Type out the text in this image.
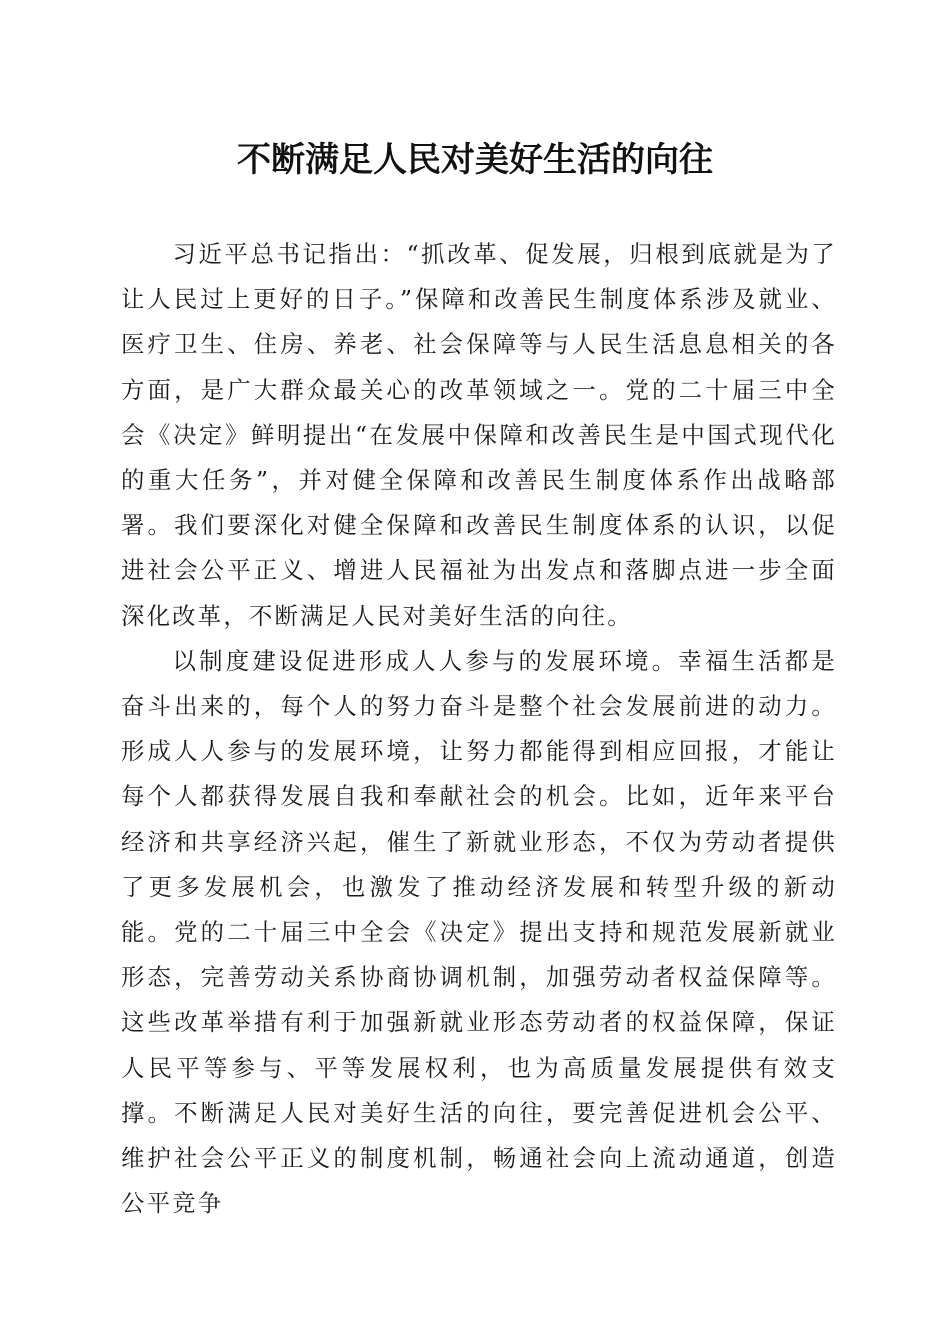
不断满足人民对美好生活的向往

习近平总书记指出：“抓改革、促发展，归根到底就是为了让人民过上更好的日子。”保障和改善民生制度体系涉及就业、医疗卫生、住房、养老、社会保障等与人民生活息息相关的各方面，是广大群众最关心的改革领域之一。党的二十届三中全会《决定》鲜明提出“在发展中保障和改善民生是中国式现代化的重大任务”，并对健全保障和改善民生制度体系作出战略部署。我们要深化对健全保障和改善民生制度体系的认识，以促进社会公平正义、增进人民福祉为出发点和落脚点进一步全面深化改革，不断满足人民对美好生活的向往。

以制度建设促进形成人人参与的发展环境。幸福生活都是奋斗出来的，每个人的努力奋斗是整个社会发展前进的动力。形成人人参与的发展环境，让努力都能得到相应回报，才能让每个人都获得发展自我和奉献社会的机会。比如，近年来平台经济和共享经济兴起，催生了新就业形态，不仅为劳动者提供了更多发展机会，也激发了推动经济发展和转型升级的新动能。党的二十届三中全会《决定》提出支持和规范发展新就业形态，完善劳动关系协商协调机制，加强劳动者权益保障等。这些改革举措有利于加强新就业形态劳动者的权益保障，保证人民平等参与、平等发展权利，也为高质量发展提供有效支撑。不断满足人民对美好生活的向往，要完善促进机会公平、维护社会公平正义的制度机制，畅通社会向上流动通道，创造公平竞争
